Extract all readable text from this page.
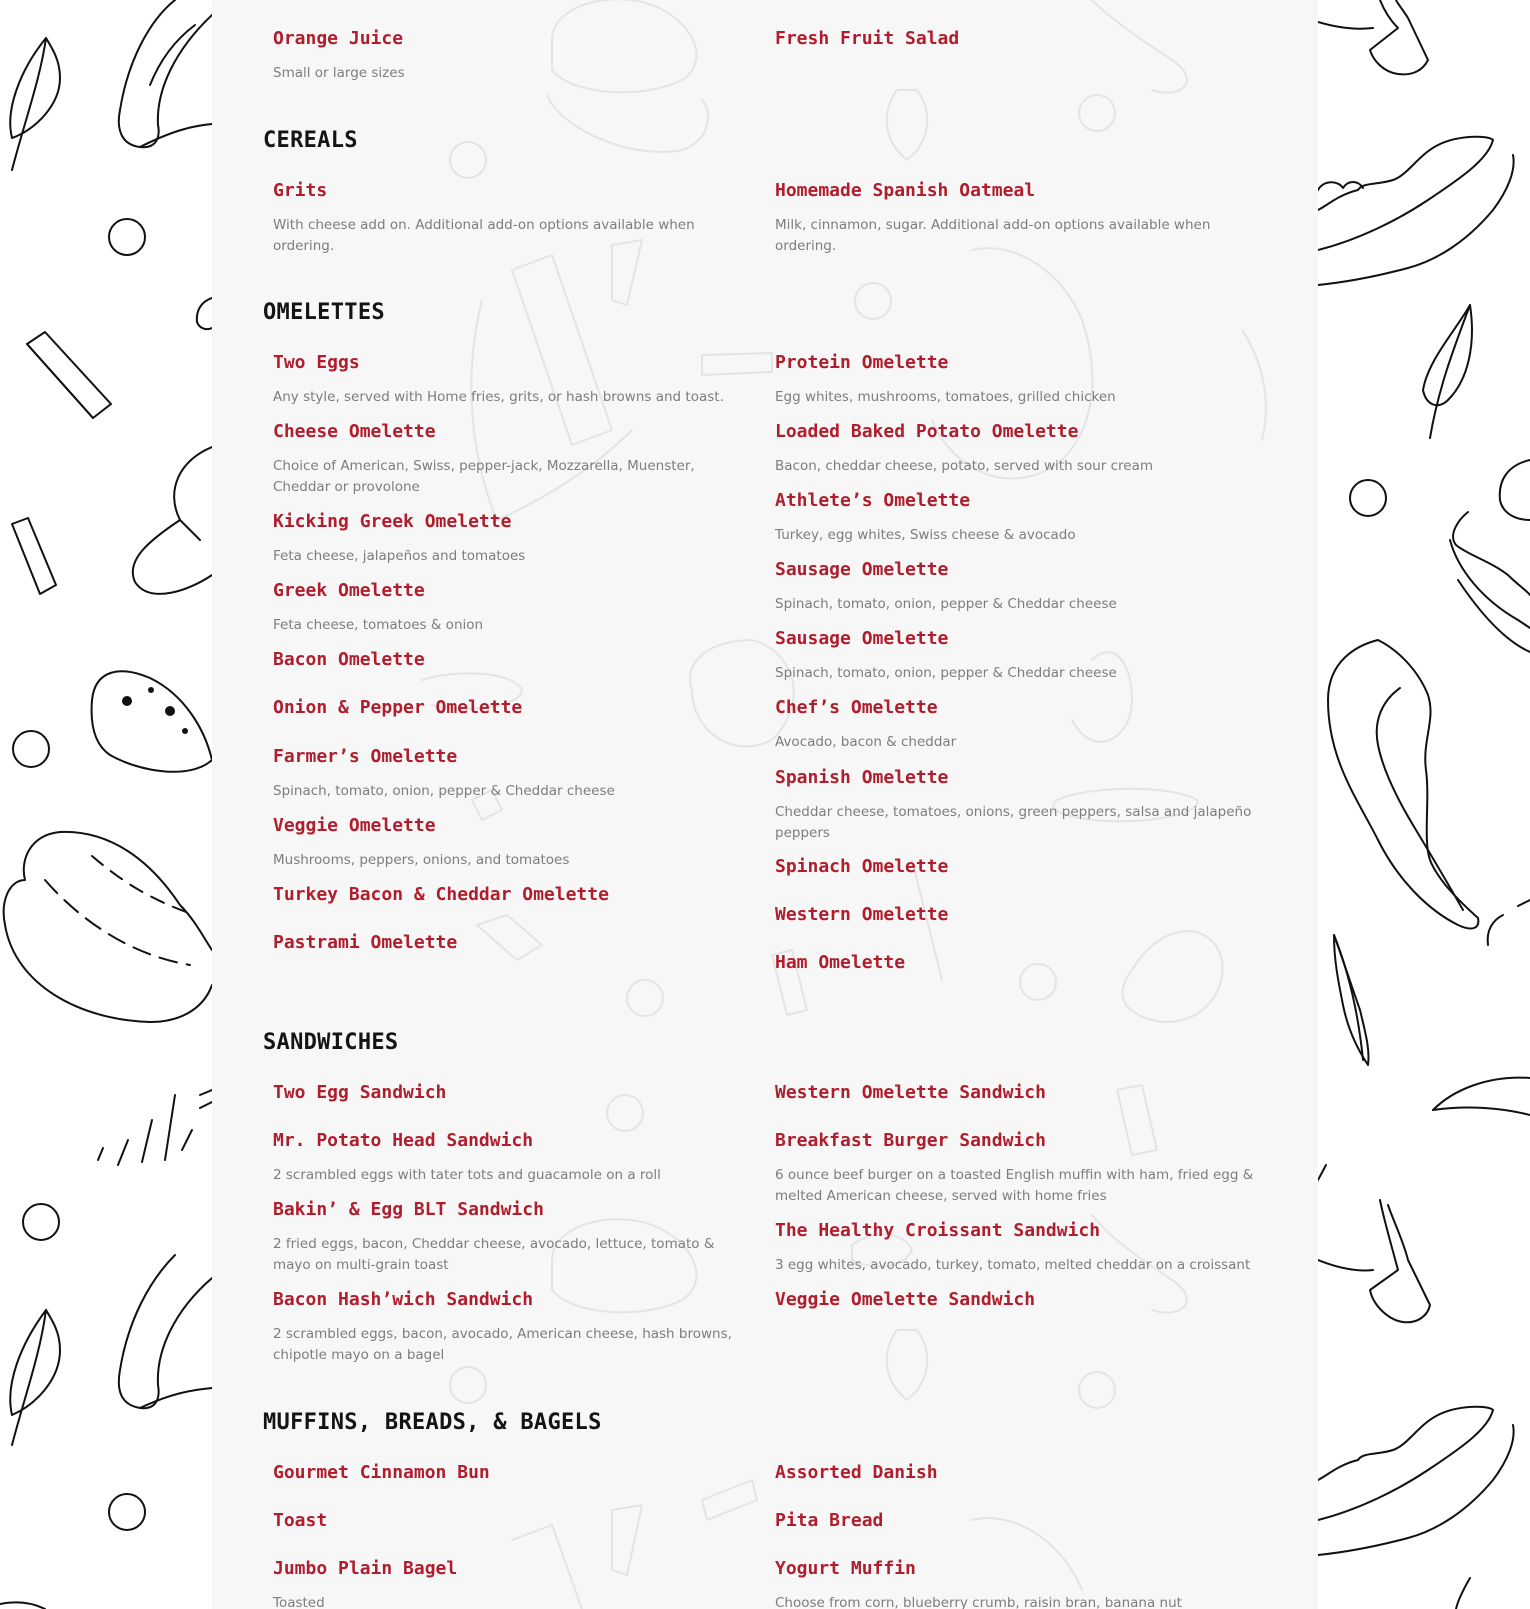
Orange Juice

Small or large sizes

Fresh Fruit Salad
CEREALS
Grits

With cheese add on. Additional add-on options available when ordering.

Homemade Spanish Oatmeal

Milk, cinnamon, sugar. Additional add-on options available when ordering.

OMELETTES
Two Eggs

Any style, served with Home fries, grits, or hash browns and toast.

Cheese Omelette

Choice of American, Swiss, pepper-jack, Mozzarella, Muenster, Cheddar or provolone

Kicking Greek Omelette

Feta cheese, jalapeños and tomatoes

Greek Omelette

Feta cheese, tomatoes & onion

Bacon Omelette
Onion & Pepper Omelette
Farmer’s Omelette

Spinach, tomato, onion, pepper & Cheddar cheese

Veggie Omelette

Mushrooms, peppers, onions, and tomatoes

Turkey Bacon & Cheddar Omelette
Pastrami Omelette
Protein Omelette

Egg whites, mushrooms, tomatoes, grilled chicken

Loaded Baked Potato Omelette

Bacon, cheddar cheese, potato, served with sour cream

Athlete’s Omelette

Turkey, egg whites, Swiss cheese & avocado

Sausage Omelette

Spinach, tomato, onion, pepper & Cheddar cheese

Sausage Omelette

Spinach, tomato, onion, pepper & Cheddar cheese

Chef’s Omelette

Avocado, bacon & cheddar

Spanish Omelette

Cheddar cheese, tomatoes, onions, green peppers, salsa and jalapeño peppers

Spinach Omelette
Western Omelette
Ham Omelette
SANDWICHES
Two Egg Sandwich
Mr. Potato Head Sandwich

2 scrambled eggs with tater tots and guacamole on a roll

Bakin’ & Egg BLT Sandwich

2 fried eggs, bacon, Cheddar cheese, avocado, lettuce, tomato & mayo on multi-grain toast

Bacon Hash’wich Sandwich

2 scrambled eggs, bacon, avocado, American cheese, hash browns, chipotle mayo on a bagel

Western Omelette Sandwich
Breakfast Burger Sandwich

6 ounce beef burger on a toasted English muffin with ham, fried egg & melted American cheese, served with home fries

The Healthy Croissant Sandwich

3 egg whites, avocado, turkey, tomato, melted cheddar on a croissant

Veggie Omelette Sandwich
MUFFINS, BREADS, & BAGELS
Gourmet Cinnamon Bun
Toast
Jumbo Plain Bagel

Toasted

Assorted Danish
Pita Bread
Yogurt Muffin

Choose from corn, blueberry crumb, raisin bran, banana nut
